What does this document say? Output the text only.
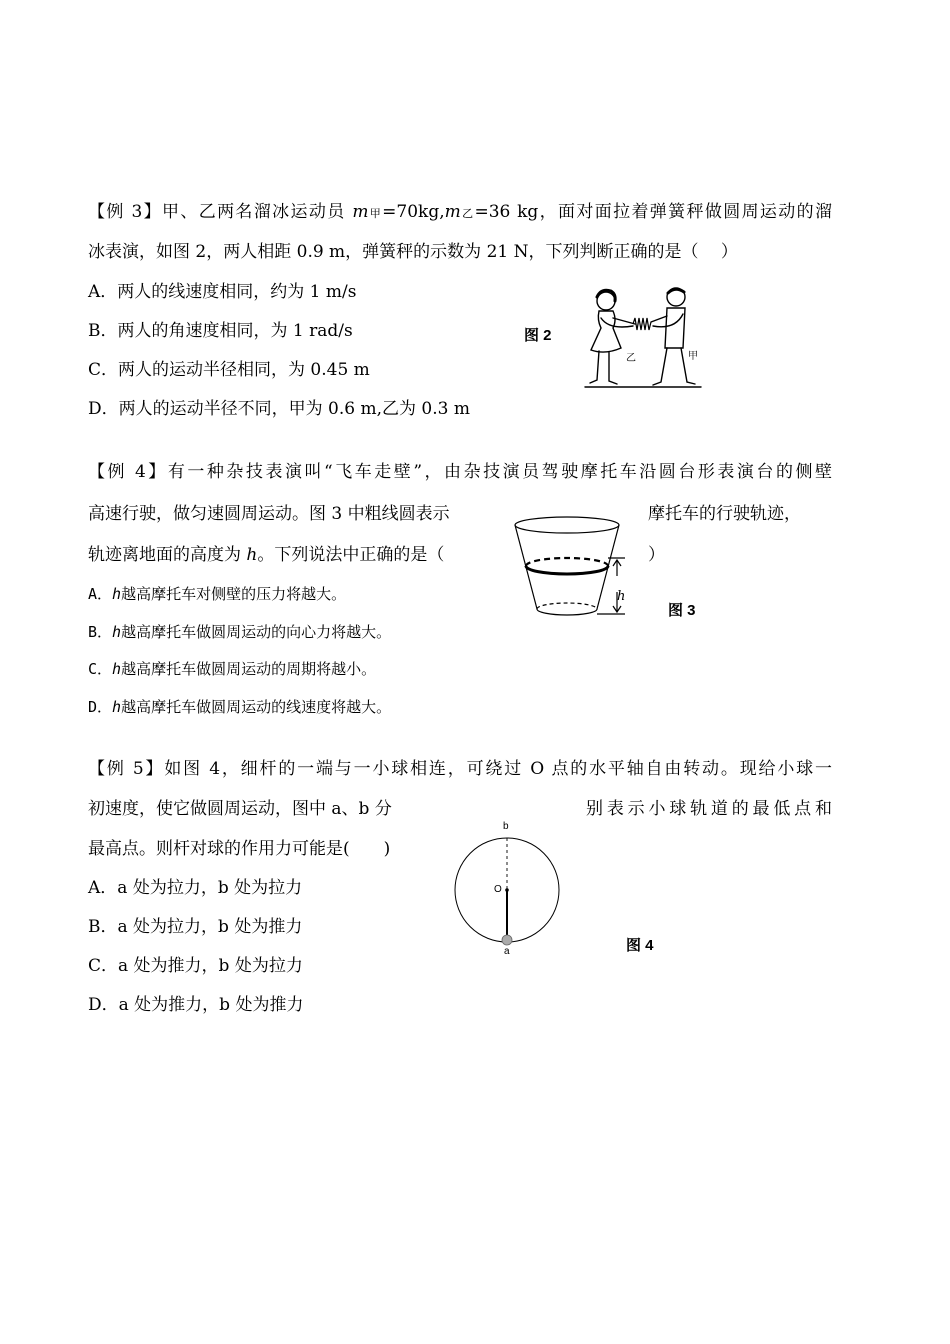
【例 3】甲、乙两名溜冰运动员 m甲=70kg,m乙=36 kg，面对面拉着弹簧秤做圆周运动的溜
冰表演，如图 2，两人相距 0.9 m，弹簧秤的示数为 21 N，下列判断正确的是（　 ）
A．两人的线速度相同，约为 1 m/s
B．两人的角速度相同，为 1 rad/s
C．两人的运动半径相同，为 0.45 m
D．两人的运动半径不同，甲为 0.6 m,乙为 0.3 m
图 2
乙	甲
【例 4】有一种杂技表演叫“飞车走壁”，由杂技演员驾驶摩托车沿圆台形表演台的侧壁
高速行驶，做匀速圆周运动。图 3 中粗线圆表示	摩托车的行驶轨迹，
轨迹离地面的高度为 h。下列说法中正确的是（	）
A．h越高摩托车对侧壁的压力将越大。
B．h越高摩托车做圆周运动的向心力将越大。
C．h越高摩托车做圆周运动的周期将越小。
D．h越高摩托车做圆周运动的线速度将越大。
图 3
h
【例 5】如图 4，细杆的一端与一小球相连，可绕过 O 点的水平轴自由转动。现给小球一
初速度，使它做圆周运动，图中 a、b 分	别表示小球轨道的最低点和
最高点。则杆对球的作用力可能是(　　)
A．a 处为拉力，b 处为拉力
B．a 处为拉力，b 处为推力
C．a 处为推力，b 处为拉力
D．a 处为推力，b 处为推力
图 4
b
O
a
